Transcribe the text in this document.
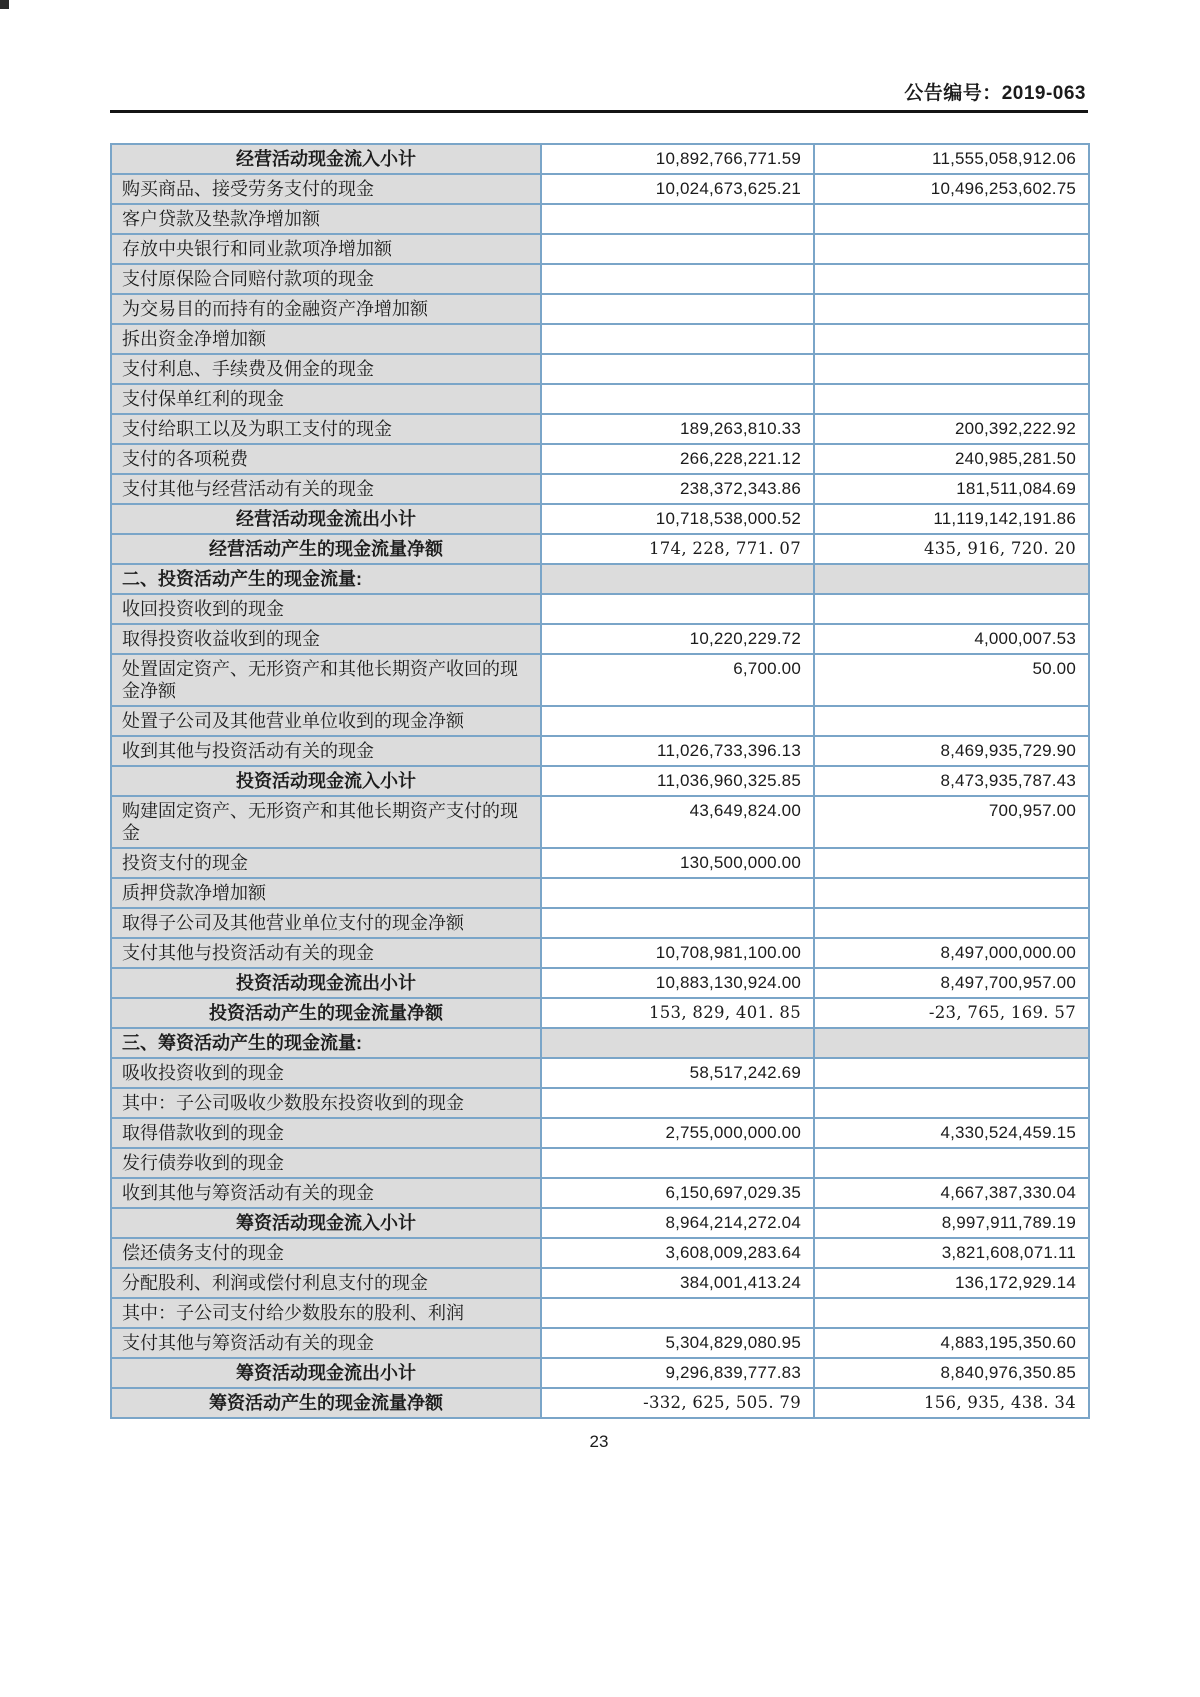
公告编号：2019-063
经营活动现金流入小计	10,892,766,771.59	11,555,058,912.06
购买商品、接受劳务支付的现金	10,024,673,625.21	10,496,253,602.75
客户贷款及垫款净增加额		
存放中央银行和同业款项净增加额		
支付原保险合同赔付款项的现金		
为交易目的而持有的金融资产净增加额		
拆出资金净增加额		
支付利息、手续费及佣金的现金		
支付保单红利的现金		
支付给职工以及为职工支付的现金	189,263,810.33	200,392,222.92
支付的各项税费	266,228,221.12	240,985,281.50
支付其他与经营活动有关的现金	238,372,343.86	181,511,084.69
经营活动现金流出小计	10,718,538,000.52	11,119,142,191.86
经营活动产生的现金流量净额	174, 228, 771. 07	435, 916, 720. 20
二、投资活动产生的现金流量:		
收回投资收到的现金		
取得投资收益收到的现金	10,220,229.72	4,000,007.53
处置固定资产、无形资产和其他长期资产收回的现金净额	6,700.00	50.00
处置子公司及其他营业单位收到的现金净额		
收到其他与投资活动有关的现金	11,026,733,396.13	8,469,935,729.90
投资活动现金流入小计	11,036,960,325.85	8,473,935,787.43
购建固定资产、无形资产和其他长期资产支付的现金	43,649,824.00	700,957.00
投资支付的现金	130,500,000.00	
质押贷款净增加额		
取得子公司及其他营业单位支付的现金净额		
支付其他与投资活动有关的现金	10,708,981,100.00	8,497,000,000.00
投资活动现金流出小计	10,883,130,924.00	8,497,700,957.00
投资活动产生的现金流量净额	153, 829, 401. 85	-23, 765, 169. 57
三、筹资活动产生的现金流量:		
吸收投资收到的现金	58,517,242.69	
其中：子公司吸收少数股东投资收到的现金		
取得借款收到的现金	2,755,000,000.00	4,330,524,459.15
发行债券收到的现金		
收到其他与筹资活动有关的现金	6,150,697,029.35	4,667,387,330.04
筹资活动现金流入小计	8,964,214,272.04	8,997,911,789.19
偿还债务支付的现金	3,608,009,283.64	3,821,608,071.11
分配股利、利润或偿付利息支付的现金	384,001,413.24	136,172,929.14
其中：子公司支付给少数股东的股利、利润		
支付其他与筹资活动有关的现金	5,304,829,080.95	4,883,195,350.60
筹资活动现金流出小计	9,296,839,777.83	8,840,976,350.85
筹资活动产生的现金流量净额	-332, 625, 505. 79	156, 935, 438. 34
23
